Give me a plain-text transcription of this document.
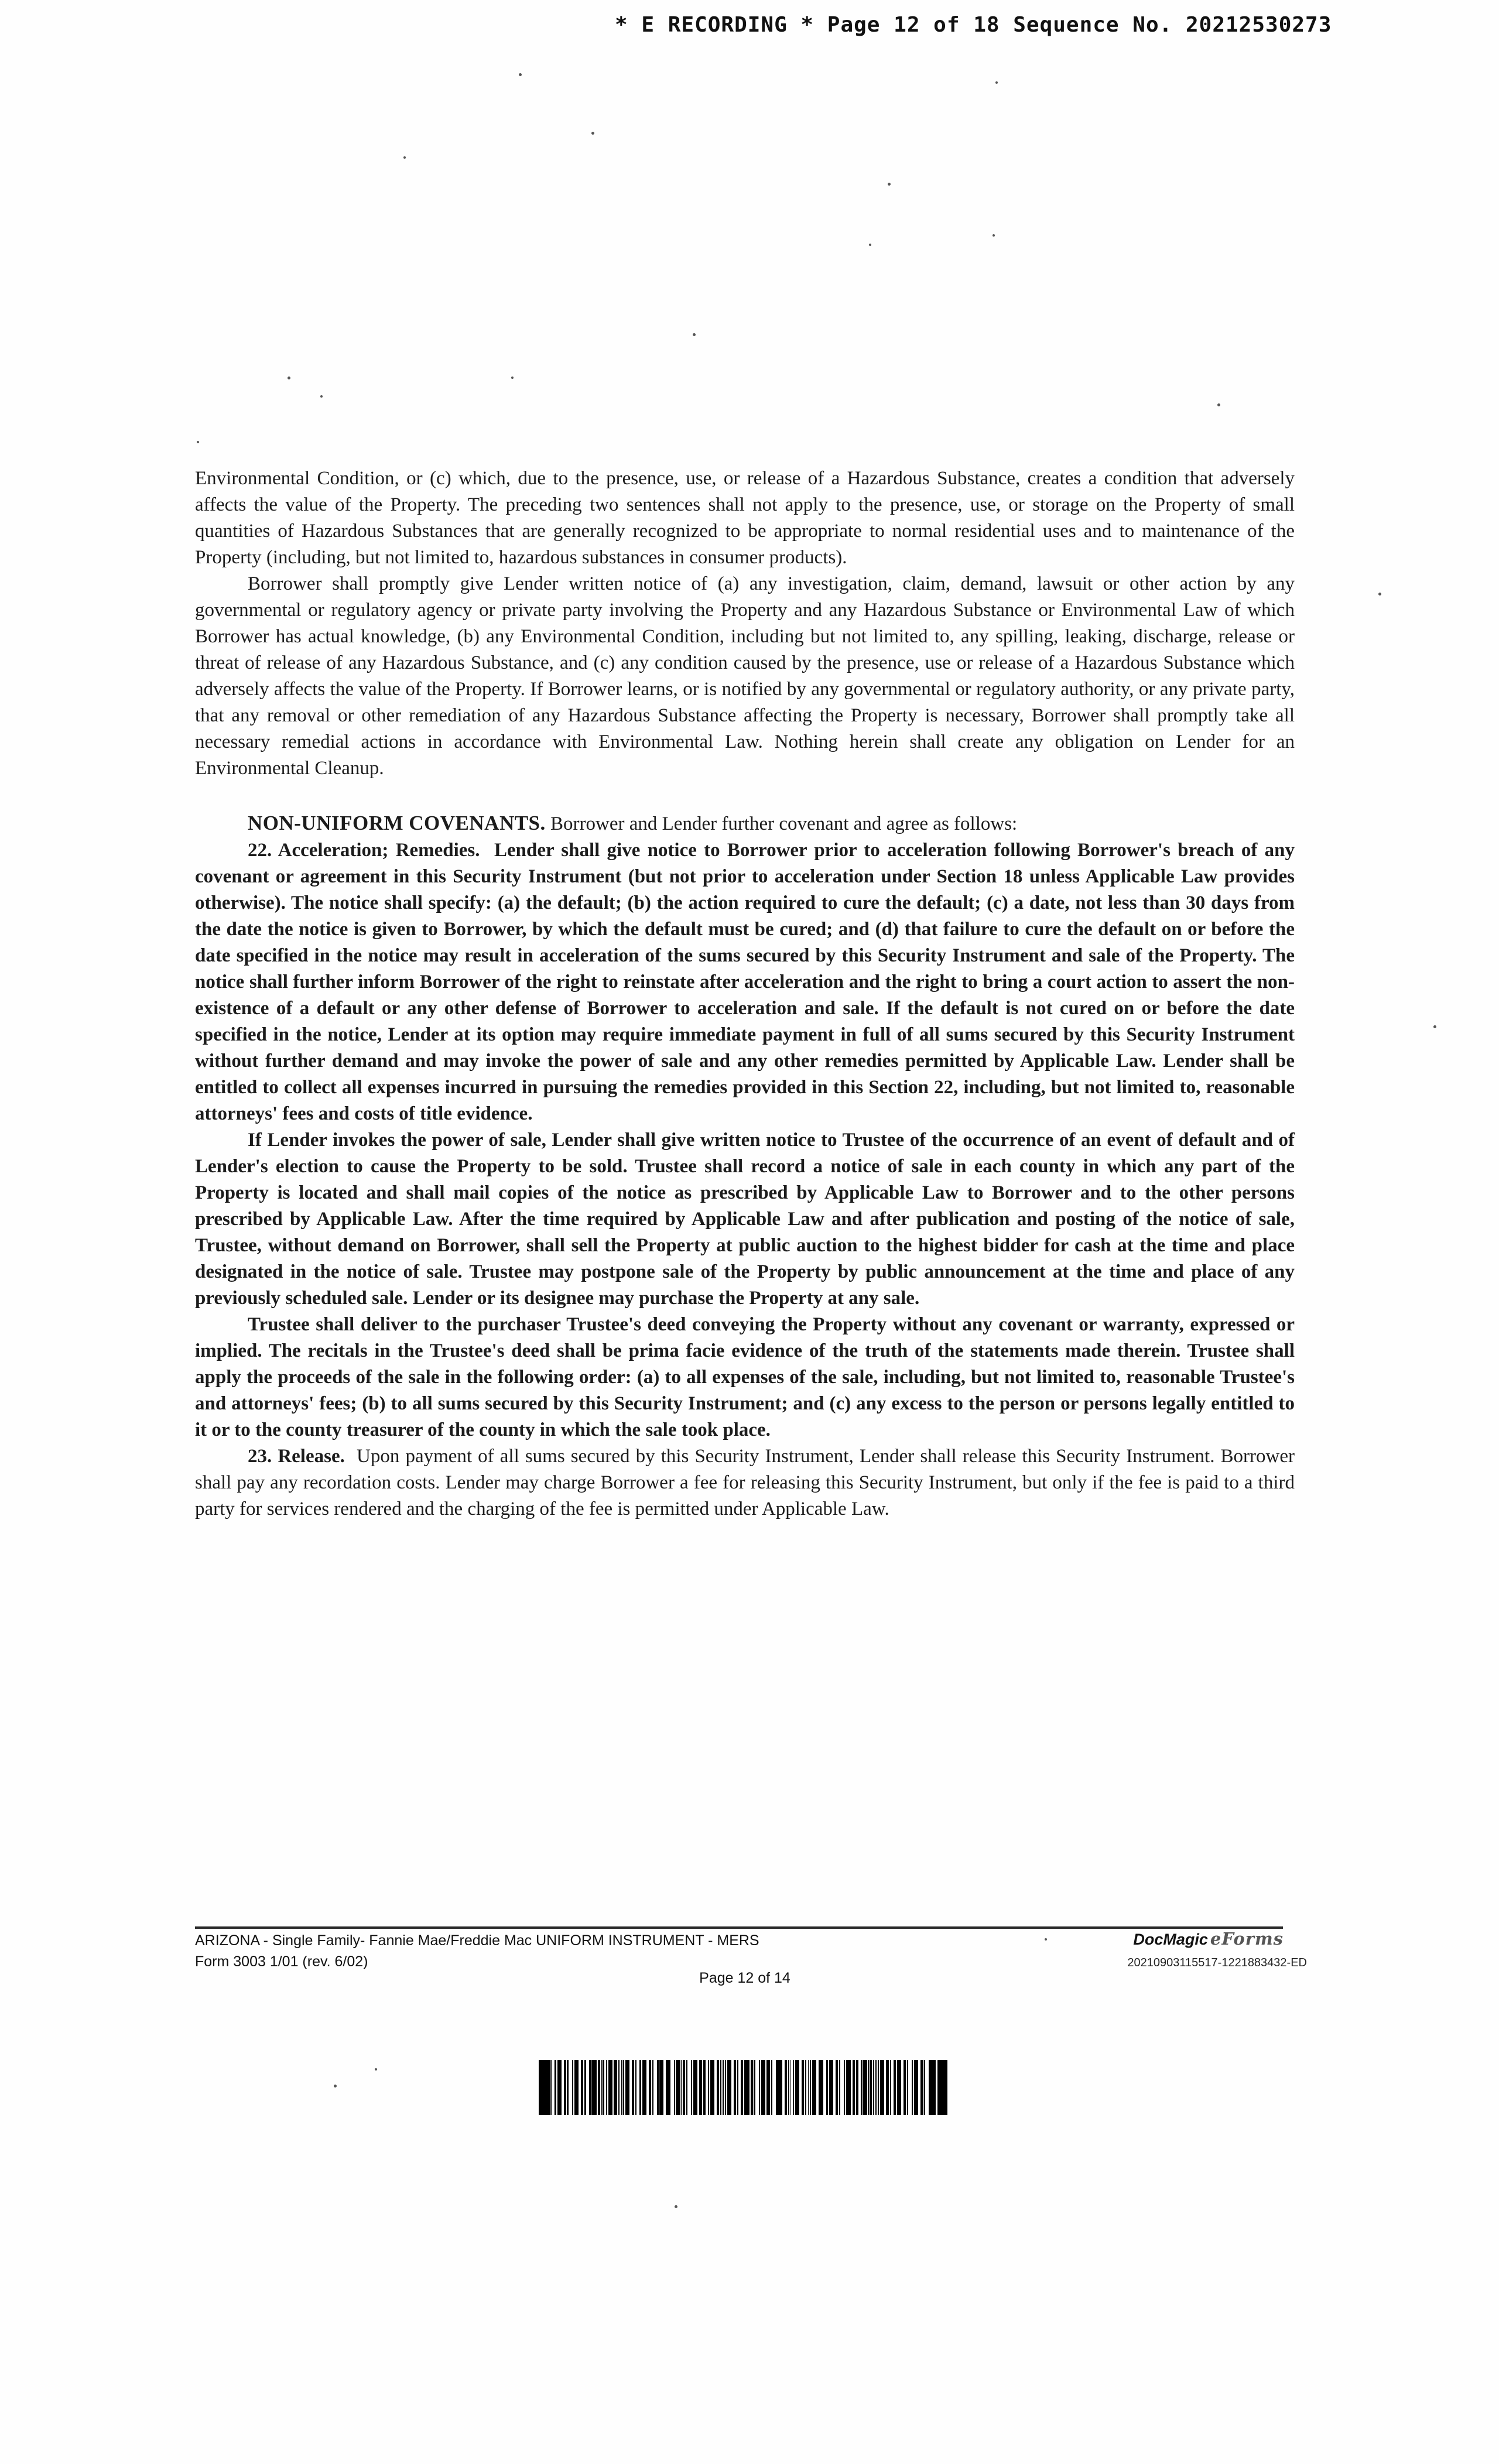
* E RECORDING * Page 12 of 18 Sequence No. 20212530273

Environmental Condition, or (c) which, due to the presence, use, or release of a Hazardous Substance, creates a condition that adversely affects the value of the Property. The preceding two sentences shall not apply to the presence, use, or storage on the Property of small quantities of Hazardous Substances that are generally recognized to be appropriate to normal residential uses and to maintenance of the Property (including, but not limited to, hazardous substances in consumer products).

Borrower shall promptly give Lender written notice of (a) any investigation, claim, demand, lawsuit or other action by any governmental or regulatory agency or private party involving the Property and any Hazardous Substance or Environmental Law of which Borrower has actual knowledge, (b) any Environmental Condition, including but not limited to, any spilling, leaking, discharge, release or threat of release of any Hazardous Substance, and (c) any condition caused by the presence, use or release of a Hazardous Substance which adversely affects the value of the Property. If Borrower learns, or is notified by any governmental or regulatory authority, or any private party, that any removal or other remediation of any Hazardous Substance affecting the Property is necessary, Borrower shall promptly take all necessary remedial actions in accordance with Environmental Law. Nothing herein shall create any obligation on Lender for an Environmental Cleanup.

NON-UNIFORM COVENANTS. Borrower and Lender further covenant and agree as follows:

22. Acceleration; Remedies. Lender shall give notice to Borrower prior to acceleration following Borrower's breach of any covenant or agreement in this Security Instrument (but not prior to acceleration under Section 18 unless Applicable Law provides otherwise). The notice shall specify: (a) the default; (b) the action required to cure the default; (c) a date, not less than 30 days from the date the notice is given to Borrower, by which the default must be cured; and (d) that failure to cure the default on or before the date specified in the notice may result in acceleration of the sums secured by this Security Instrument and sale of the Property. The notice shall further inform Borrower of the right to reinstate after acceleration and the right to bring a court action to assert the non-existence of a default or any other defense of Borrower to acceleration and sale. If the default is not cured on or before the date specified in the notice, Lender at its option may require immediate payment in full of all sums secured by this Security Instrument without further demand and may invoke the power of sale and any other remedies permitted by Applicable Law. Lender shall be entitled to collect all expenses incurred in pursuing the remedies provided in this Section 22, including, but not limited to, reasonable attorneys' fees and costs of title evidence.

If Lender invokes the power of sale, Lender shall give written notice to Trustee of the occurrence of an event of default and of Lender's election to cause the Property to be sold. Trustee shall record a notice of sale in each county in which any part of the Property is located and shall mail copies of the notice as prescribed by Applicable Law to Borrower and to the other persons prescribed by Applicable Law. After the time required by Applicable Law and after publication and posting of the notice of sale, Trustee, without demand on Borrower, shall sell the Property at public auction to the highest bidder for cash at the time and place designated in the notice of sale. Trustee may postpone sale of the Property by public announcement at the time and place of any previously scheduled sale. Lender or its designee may purchase the Property at any sale.

Trustee shall deliver to the purchaser Trustee's deed conveying the Property without any covenant or warranty, expressed or implied. The recitals in the Trustee's deed shall be prima facie evidence of the truth of the statements made therein. Trustee shall apply the proceeds of the sale in the following order: (a) to all expenses of the sale, including, but not limited to, reasonable Trustee's and attorneys' fees; (b) to all sums secured by this Security Instrument; and (c) any excess to the person or persons legally entitled to it or to the county treasurer of the county in which the sale took place.

23. Release. Upon payment of all sums secured by this Security Instrument, Lender shall release this Security Instrument. Borrower shall pay any recordation costs. Lender may charge Borrower a fee for releasing this Security Instrument, but only if the fee is paid to a third party for services rendered and the charging of the fee is permitted under Applicable Law.

ARIZONA - Single Family- Fannie Mae/Freddie Mac UNIFORM INSTRUMENT - MERS	DocMagic eForms
Form 3003 1/01 (rev. 6/02)	20210903115517-1221883432-ED
Page 12 of 14
